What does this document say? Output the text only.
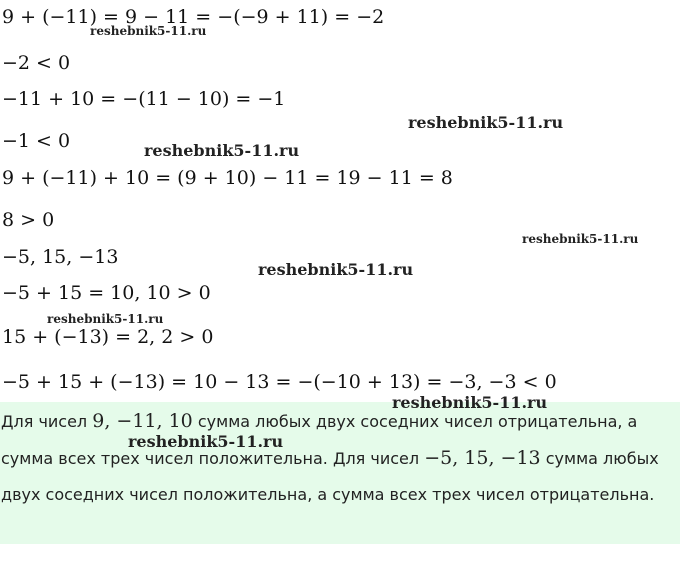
9 + (−11) = 9 − 11 = −(−9 + 11) = −2
−2 < 0
−11 + 10 = −(11 − 10) = −1
−1 < 0
9 + (−11) + 10 = (9 + 10) − 11 = 19 − 11 = 8
8 > 0
−5, 15, −13
−5 + 15 = 10, 10 > 0
15 + (−13) = 2, 2 > 0
−5 + 15 + (−13) = 10 − 13 = −(−10 + 13) = −3, −3 < 0
Для чисел 9, −11, 10 сумма любых двух соседних чисел отрицательна, а сумма всех трех чисел положительна. Для чисел −5, 15, −13 сумма любых двух соседних чисел положительна, а сумма всех трех чисел отрицательна.
reshebnik5-11.ru
reshebnik5-11.ru
reshebnik5-11.ru
reshebnik5-11.ru
reshebnik5-11.ru
reshebnik5-11.ru
reshebnik5-11.ru
reshebnik5-11.ru
